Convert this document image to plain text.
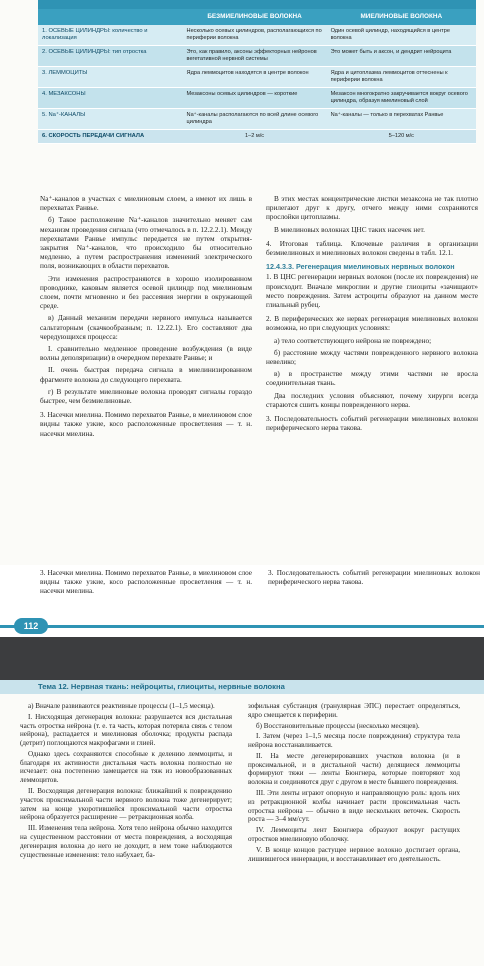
	БЕЗМИЕЛИНОВЫЕ ВОЛОКНА	МИЕЛИНОВЫЕ ВОЛОКНА
1. ОСЕВЫЕ ЦИЛИНДРЫ: количество и локализация	Несколько осевых цилиндров, располагающихся по периферии волокна	Один осевой цилиндр, находящийся в центре волокна
2. ОСЕВЫЕ ЦИЛИНДРЫ: тип отростка	Это, как правило, аксоны эффекторных нейронов вегетативной нервной системы	Это может быть и аксон, и дендрит нейроцита
3. ЛЕММОЦИТЫ	Ядра леммоцитов находятся в центре волокон	Ядра и цитоплазма леммоцитов оттеснены к периферии волокна
4. МЕЗАКСОНЫ	Мезаксоны осевых цилиндров — короткие	Мезаксон многократно закручивается вокруг осевого цилиндра, образуя миелиновый слой
5. Na⁺-КАНАЛЫ	Na⁺-каналы располагаются по всей длине осевого цилиндра	Na⁺-каналы — только в перехватах Ранвье
6. СКОРОСТЬ ПЕРЕДАЧИ СИГНАЛА	1–2 м/с	5–120 м/с

Na⁺-каналов в участках с миелиновым слоем, а имеют их лишь в перехватах Ранвье.

б) Такое расположение Na⁺-каналов значительно меняет сам механизм проведения сигнала (что отмечалось в п. 12.2.2.1). Между перехватами Ранвье импульс передается не путем открытия-закрытия Na⁺-каналов, что происходило бы относительно медленно, а путем распространения изменений электрического поля, возникающих в области перехватов.

Эти изменения распространяются в хорошо изолированном проводнике, каковым является осевой цилиндр под миелиновым слоем, почти мгновенно и без рассеяния энергии в окружающей среде.

в) Данный механизм передачи нервного импульса называется сальтаторным (скачкообразным; п. 12.22.1). Его составляют два чередующихся процесса:

I. сравнительно медленное проведение возбуждения (в виде волны деполяризации) в очередном перехвате Ранвье; и

II. очень быстрая передача сигнала в миелинизированном фрагменте волокна до следующего перехвата.

г) В результате миелиновые волокна проводят сигналы гораздо быстрее, чем безмиелиновые.

3. Насечки миелина. Помимо перехватов Ранвье, в миелиновом слое видны также узкие, косо расположенные просветления — т. н. насечки миелина.

В этих местах концентрические листки мезаксона не так плотно прилегают друг к другу, отчего между ними сохраняются прослойки цитоплазмы.

В миелиновых волокнах ЦНС таких насечек нет.

4. Итоговая таблица. Ключевые различия в организации безмиелиновых и миелиновых волокон сведены в табл. 12.1.

12.4.3.3. Регенерация миелиновых нервных волокон

1. В ЦНС регенерации нервных волокон (после их повреждения) не происходит. Вначале микроглии и другие глиоциты «зачищают» место повреждения. Затем астроциты образуют на данном месте глиальный рубец.

2. В периферических же нервах регенерация миелиновых волокон возможна, но при следующих условиях:

а) тело соответствующего нейрона не повреждено;

б) расстояние между частями поврежденного нервного волокна невелико;

в) в пространстве между этими частями не вросла соединительная ткань.

Два последних условия объясняют, почему хирурги всегда стараются сшить концы поврежденного нерва.

3. Последовательность событий регенерации миелиновых волокон периферического нерва такова.

3. Насечки миелина. Помимо перехватов Ранвье, в миелиновом слое видны также узкие, косо расположенные просветления — т. н. насечки миелина.
3. Последовательность событий регенерации миелиновых волокон периферического нерва такова.
112
Тема 12. Нервная ткань: нейроциты, глиоциты, нервные волокна

а) Вначале развиваются реактивные процессы (1–1,5 месяца).

I. Нисходящая дегенерация волокна: разрушается вся дистальная часть отростка нейрона (т. е. та часть, которая потеряла связь с телом нейрона), распадается и миелиновая оболочка; продукты распада (детрит) поглощаются макрофагами и глией.

Однако здесь сохраняются способные к делению леммоциты, и благодаря их активности дистальная часть волокна полностью не исчезает: она постепенно замещается на тяж из новообразованных леммоцитов.

II. Восходящая дегенерация волокна: ближайший к повреждению участок проксимальной части нервного волокна тоже дегенерирует; затем на конце укоротившейся проксимальной части отростка нейрона образуется расширение — ретракционная колба.

III. Изменения тела нейрона. Хотя тело нейрона обычно находится на существенном расстоянии от места повреждения, а восходящая дегенерация волокна до него не доходит, в нем тоже наблюдаются существенные изменения: тело набухает, ба-

зофильная субстанция (гранулярная ЭПС) перестает определяться, ядро смещается к периферии.

б) Восстановительные процессы (несколько месяцев).

I. Затем (через 1–1,5 месяца после повреждения) структура тела нейрона восстанавливается.

II. На месте дегенерировавших участков волокна (и в проксимальной, и в дистальной части) делящиеся леммоциты формируют тяжи — ленты Бюнгнера, которые повторяют ход волокна и соединяются друг с другом в месте бывшего повреждения.

III. Эти ленты играют опорную и направляющую роль: вдоль них из ретракционной колбы начинает расти проксимальная часть отростка нейрона — обычно в виде нескольких веточек. Скорость роста — 3–4 мм/сут.

IV. Леммоциты лент Бюнгнера образуют вокруг растущих отростков миелиновую оболочку.

V. В конце концов растущее нервное волокно достигает органа, лишившегося иннервации, и восстанавливает его деятельность.
